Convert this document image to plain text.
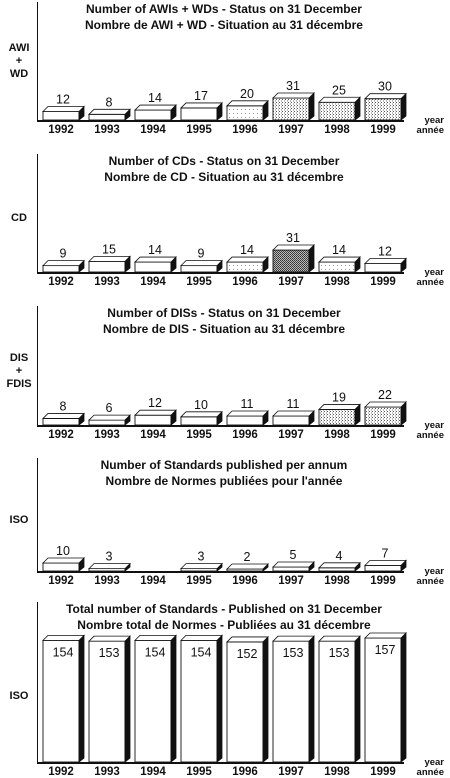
Number of AWIs + WDs - Status on 31 December
Nombre de AWI + WD - Situation au 31 décembre
AWI
+
WD
12	8	14	17	20
31	25	30
1992	1993	1994	1995	1996	1997	1998	1999
year
année
Number of CDs - Status on 31 December
Nombre de CD - Situation au 31 décembre
CD
9	15	14	9	14
31
14	12
1992	1993	1994	1995	1996	1997	1998	1999
year
année
Number of DISs - Status on 31 December
Nombre de DIS - Situation au 31 décembre
DIS
+
FDIS
8	6	12	10	11	11	19	22
1992	1993	1994	1995	1996	1997	1998	1999
year
année
Number of Standards published per annum
Nombre de Normes publiées pour l'année
ISO
10	3	3	2	5	4	7
1992	1993	1994	1995	1996	1997	1998	1999
year
année
Total number of Standards - Published on 31 December
Nombre total de Normes - Publiées au 31 décembre
ISO
154 153 154 154 152 153 153 157
1992	1993	1994	1995	1996	1997	1998	1999
year
année
